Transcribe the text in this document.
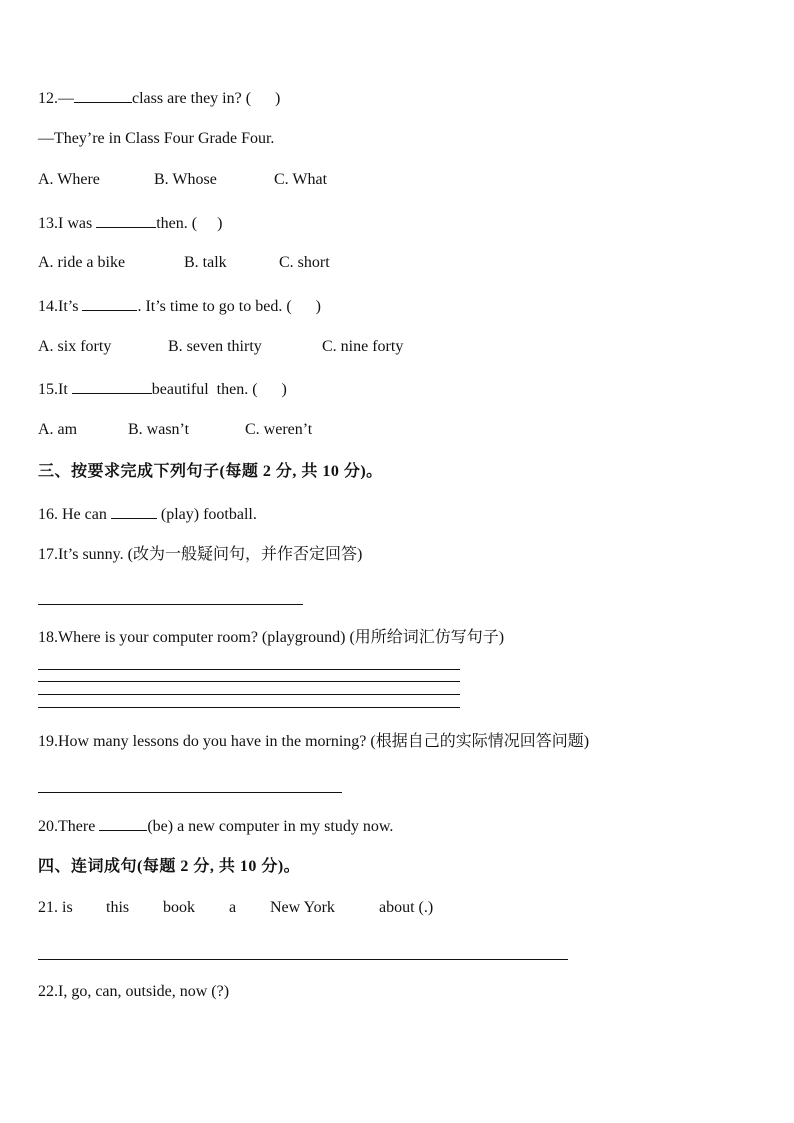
12.—	class are they in? (      )
—They’re in Class Four Grade Four.
A. Where	B. Whose	C. What
13.I was	then. (     )
A. ride a bike	B. talk	C. short
14.It’s	. It’s time to go to bed. (      )
A. six forty	B. seven thirty	C. nine forty
15.It	beautiful  then. (      )
A. am	B. wasn’t	C. weren’t
三、按要求完成下列句子(每题 2 分, 共 10 分)。
16. He can	(play) football.
17.It’s sunny. (改为一般疑问句，并作否定回答)
18.Where is your computer room? (playground) (用所给词汇仿写句子)
19.How many lessons do you have in the morning? (根据自己的实际情况回答问题)
20.There	(be) a new computer in my study now.
四、连词成句(每题 2 分, 共 10 分)。
21. is this book a New York	about (.)
22.I, go, can, outside, now (?)
